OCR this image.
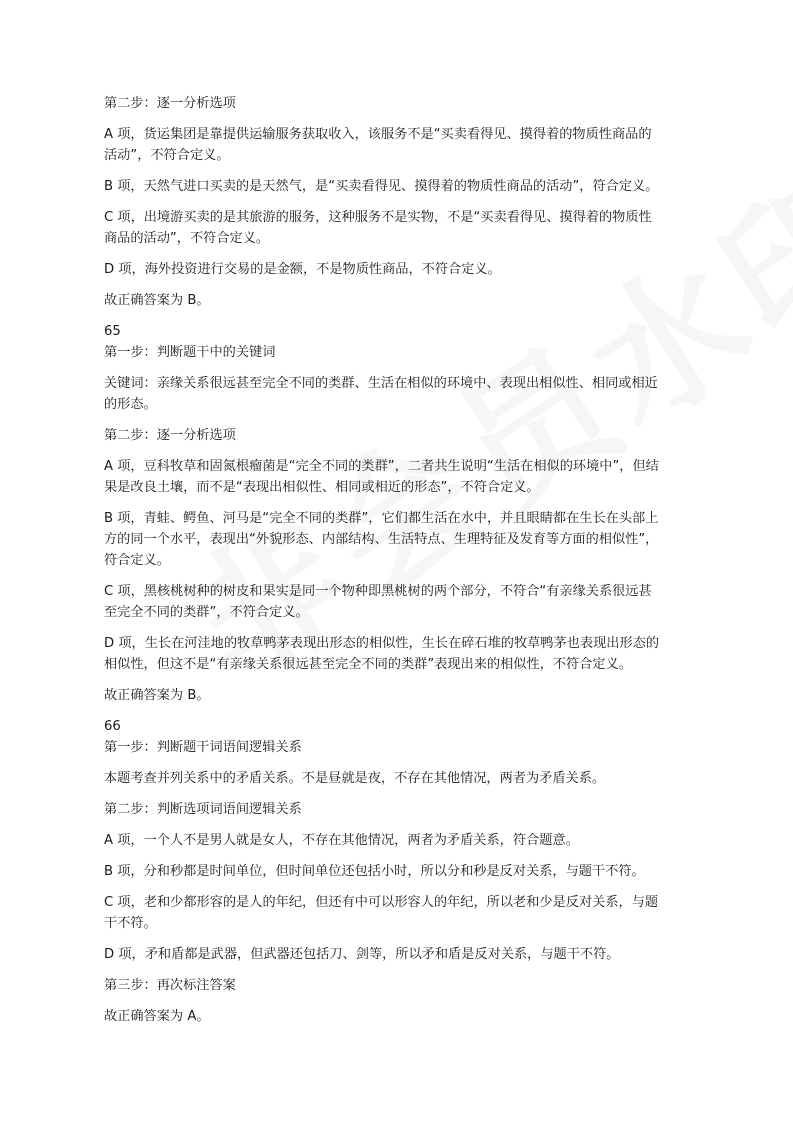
第二步：逐一分析选项

A 项，货运集团是靠提供运输服务获取收入，该服务不是“买卖看得见、摸得着的物质性商品的

活动”，不符合定义。

B 项，天然气进口买卖的是天然气，是“买卖看得见、摸得着的物质性商品的活动”，符合定义。

C 项，出境游买卖的是其旅游的服务，这种服务不是实物，不是“买卖看得见、摸得着的物质性

商品的活动”，不符合定义。

D 项，海外投资进行交易的是金额，不是物质性商品，不符合定义。

故正确答案为 B。

65

第一步：判断题干中的关键词

关键词：亲缘关系很远甚至完全不同的类群、生活在相似的环境中、表现出相似性、相同或相近

的形态。

第二步：逐一分析选项

A 项，豆科牧草和固氮根瘤菌是“完全不同的类群”，二者共生说明“生活在相似的环境中”，但结

果是改良土壤，而不是“表现出相似性、相同或相近的形态”，不符合定义。

B 项，青蛙、鳄鱼、河马是“完全不同的类群”，它们都生活在水中，并且眼睛都在生长在头部上

方的同一个水平，表现出“外貌形态、内部结构、生活特点、生理特征及发育等方面的相似性”，

符合定义。

C 项，黑核桃树种的树皮和果实是同一个物种即黑桃树的两个部分，不符合“有亲缘关系很远甚

至完全不同的类群”，不符合定义。

D 项，生长在河洼地的牧草鸭茅表现出形态的相似性，生长在碎石堆的牧草鸭茅也表现出形态的

相似性，但这不是“有亲缘关系很远甚至完全不同的类群”表现出来的相似性，不符合定义。

故正确答案为 B。

66

第一步：判断题干词语间逻辑关系

本题考查并列关系中的矛盾关系。不是昼就是夜，不存在其他情况，两者为矛盾关系。

第二步：判断选项词语间逻辑关系

A 项，一个人不是男人就是女人，不存在其他情况，两者为矛盾关系，符合题意。

B 项，分和秒都是时间单位，但时间单位还包括小时，所以分和秒是反对关系，与题干不符。

C 项，老和少都形容的是人的年纪，但还有中可以形容人的年纪，所以老和少是反对关系，与题

干不符。

D 项，矛和盾都是武器，但武器还包括刀、剑等，所以矛和盾是反对关系，与题干不符。

第三步：再次标注答案

故正确答案为 A。
